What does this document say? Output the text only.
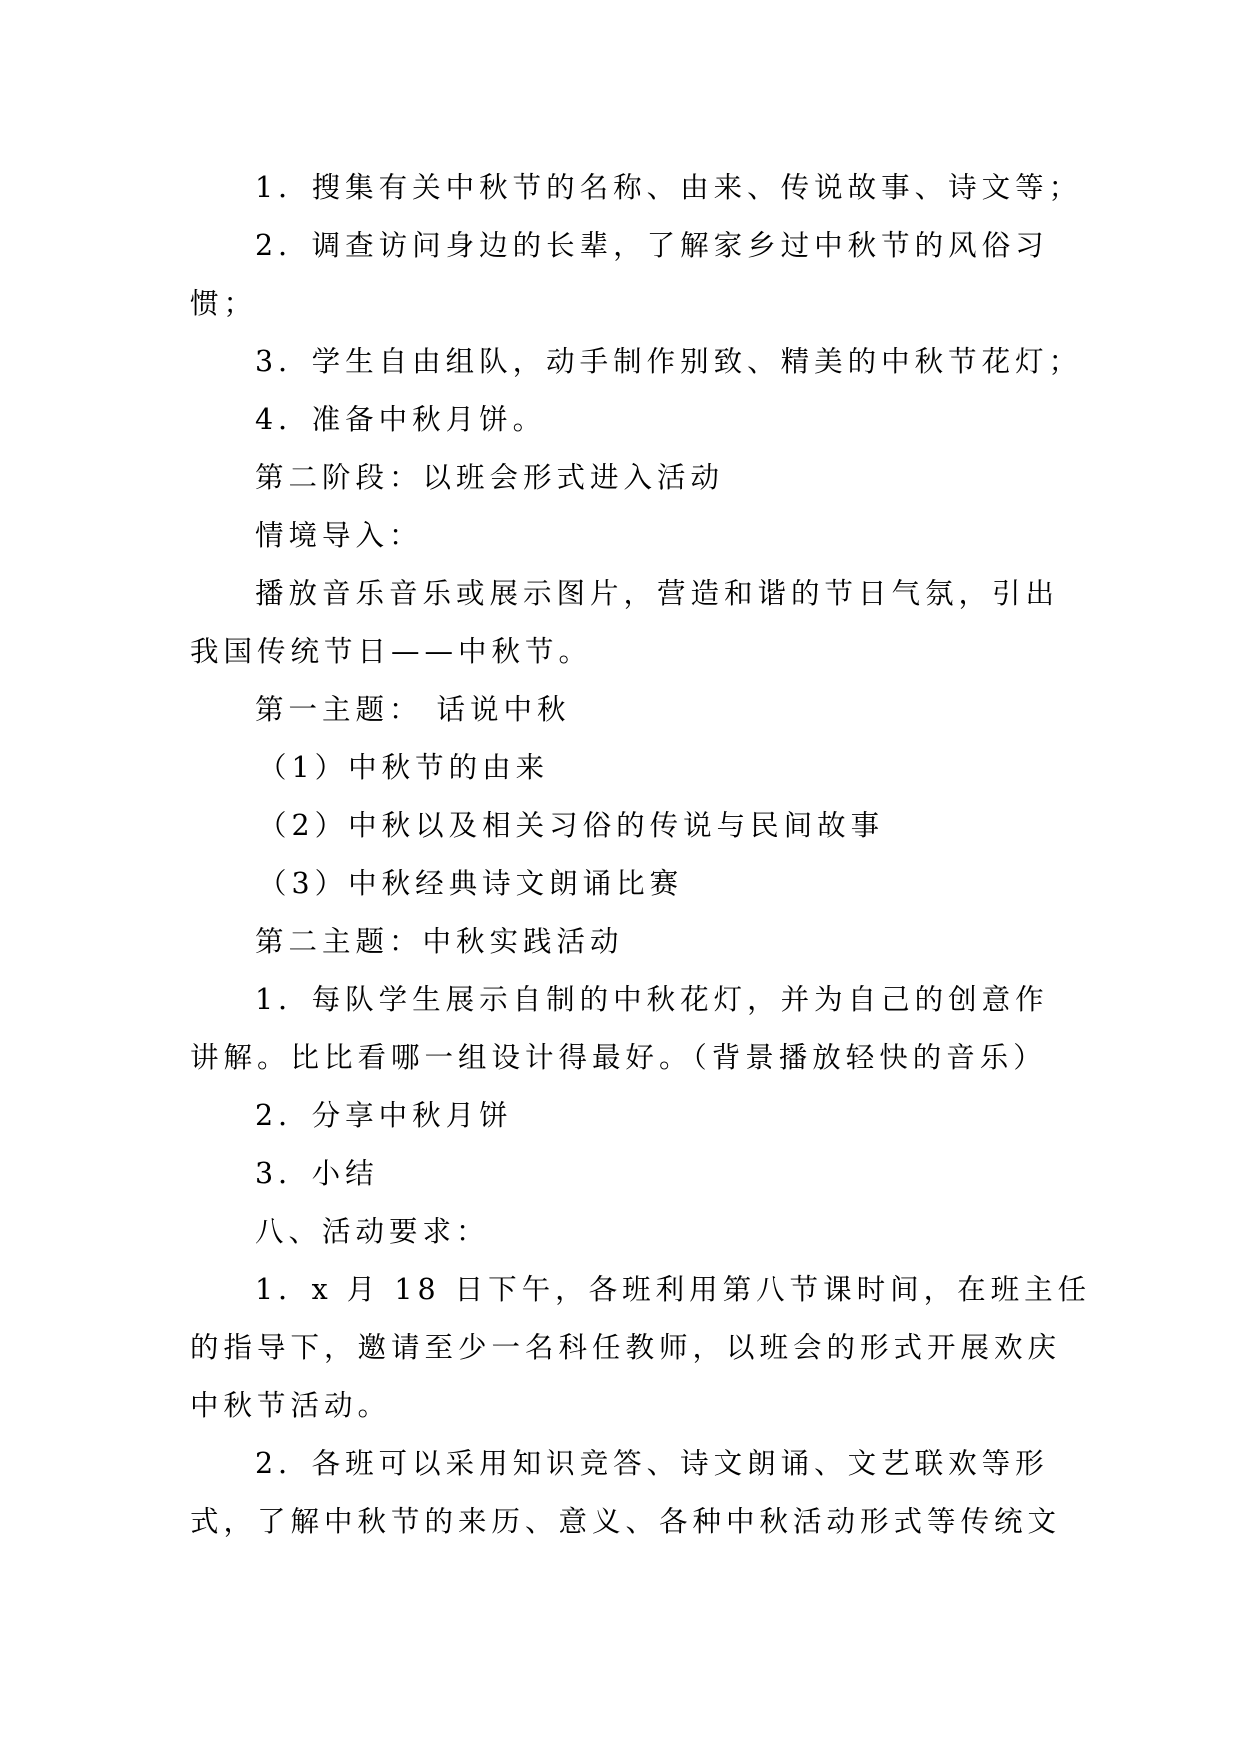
1．搜集有关中秋节的名称、由来、传说故事、诗文等；
2．调查访问身边的长辈，了解家乡过中秋节的风俗习
惯；
3．学生自由组队，动手制作别致、精美的中秋节花灯；
4．准备中秋月饼。
第二阶段：以班会形式进入活动
情境导入：
播放音乐音乐或展示图片，营造和谐的节日气氛，引出
我国传统节日——中秋节。
第一主题： 话说中秋
（1）中秋节的由来
（2）中秋以及相关习俗的传说与民间故事
（3）中秋经典诗文朗诵比赛
第二主题：中秋实践活动
1．每队学生展示自制的中秋花灯，并为自己的创意作
讲解。比比看哪一组设计得最好。（背景播放轻快的音乐）
2．分享中秋月饼
3．小结
八、活动要求：
1．x 月 18 日下午，各班利用第八节课时间，在班主任
的指导下，邀请至少一名科任教师，以班会的形式开展欢庆
中秋节活动。
2．各班可以采用知识竞答、诗文朗诵、文艺联欢等形
式，了解中秋节的来历、意义、各种中秋活动形式等传统文
